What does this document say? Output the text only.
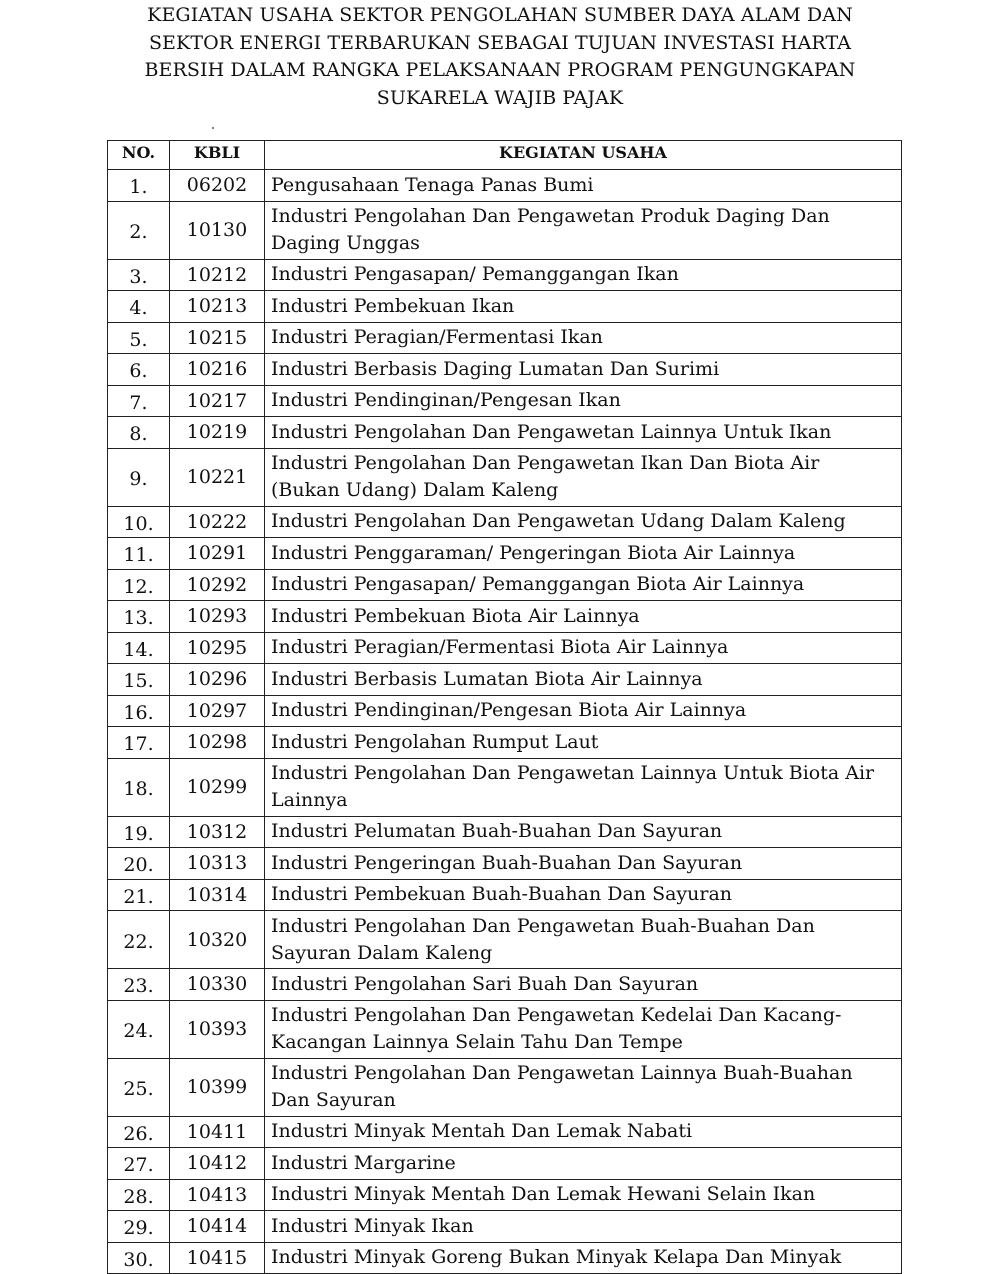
KEGIATAN USAHA SEKTOR PENGOLAHAN SUMBER DAYA ALAM DAN
SEKTOR ENERGI TERBARUKAN SEBAGAI TUJUAN INVESTASI HARTA
BERSIH DALAM RANGKA PELAKSANAAN PROGRAM PENGUNGKAPAN
SUKARELA WAJIB PAJAK
NO.	KBLI	KEGIATAN USAHA
1.	06202	Pengusahaan Tenaga Panas Bumi

2.	10130	Industri Pengolahan Dan Pengawetan Produk Daging Dan
Daging Unggas

3.	10212	Industri Pengasapan/ Pemanggangan Ikan

4.	10213	Industri Pembekuan Ikan

5.	10215	Industri Peragian/Fermentasi Ikan

6.	10216	Industri Berbasis Daging Lumatan Dan Surimi

7.	10217	Industri Pendinginan/Pengesan Ikan

8.	10219	Industri Pengolahan Dan Pengawetan Lainnya Untuk Ikan

9.	10221	Industri Pengolahan Dan Pengawetan Ikan Dan Biota Air
(Bukan Udang) Dalam Kaleng

10.	10222	Industri Pengolahan Dan Pengawetan Udang Dalam Kaleng

11.	10291	Industri Penggaraman/ Pengeringan Biota Air Lainnya

12.	10292	Industri Pengasapan/ Pemanggangan Biota Air Lainnya

13.	10293	Industri Pembekuan Biota Air Lainnya

14.	10295	Industri Peragian/Fermentasi Biota Air Lainnya

15.	10296	Industri Berbasis Lumatan Biota Air Lainnya

16.	10297	Industri Pendinginan/Pengesan Biota Air Lainnya

17.	10298	Industri Pengolahan Rumput Laut

18.	10299	Industri Pengolahan Dan Pengawetan Lainnya Untuk Biota Air
Lainnya

19.	10312	Industri Pelumatan Buah-Buahan Dan Sayuran

20.	10313	Industri Pengeringan Buah-Buahan Dan Sayuran

21.	10314	Industri Pembekuan Buah-Buahan Dan Sayuran

22.	10320	Industri Pengolahan Dan Pengawetan Buah-Buahan Dan
Sayuran Dalam Kaleng

23.	10330	Industri Pengolahan Sari Buah Dan Sayuran

24.	10393	Industri Pengolahan Dan Pengawetan Kedelai Dan Kacang-
Kacangan Lainnya Selain Tahu Dan Tempe

25.	10399	Industri Pengolahan Dan Pengawetan Lainnya Buah-Buahan
Dan Sayuran

26.	10411	Industri Minyak Mentah Dan Lemak Nabati

27.	10412	Industri Margarine

28.	10413	Industri Minyak Mentah Dan Lemak Hewani Selain Ikan

29.	10414	Industri Minyak Ikan

30.	10415	Industri Minyak Goreng Bukan Minyak Kelapa Dan Minyak
